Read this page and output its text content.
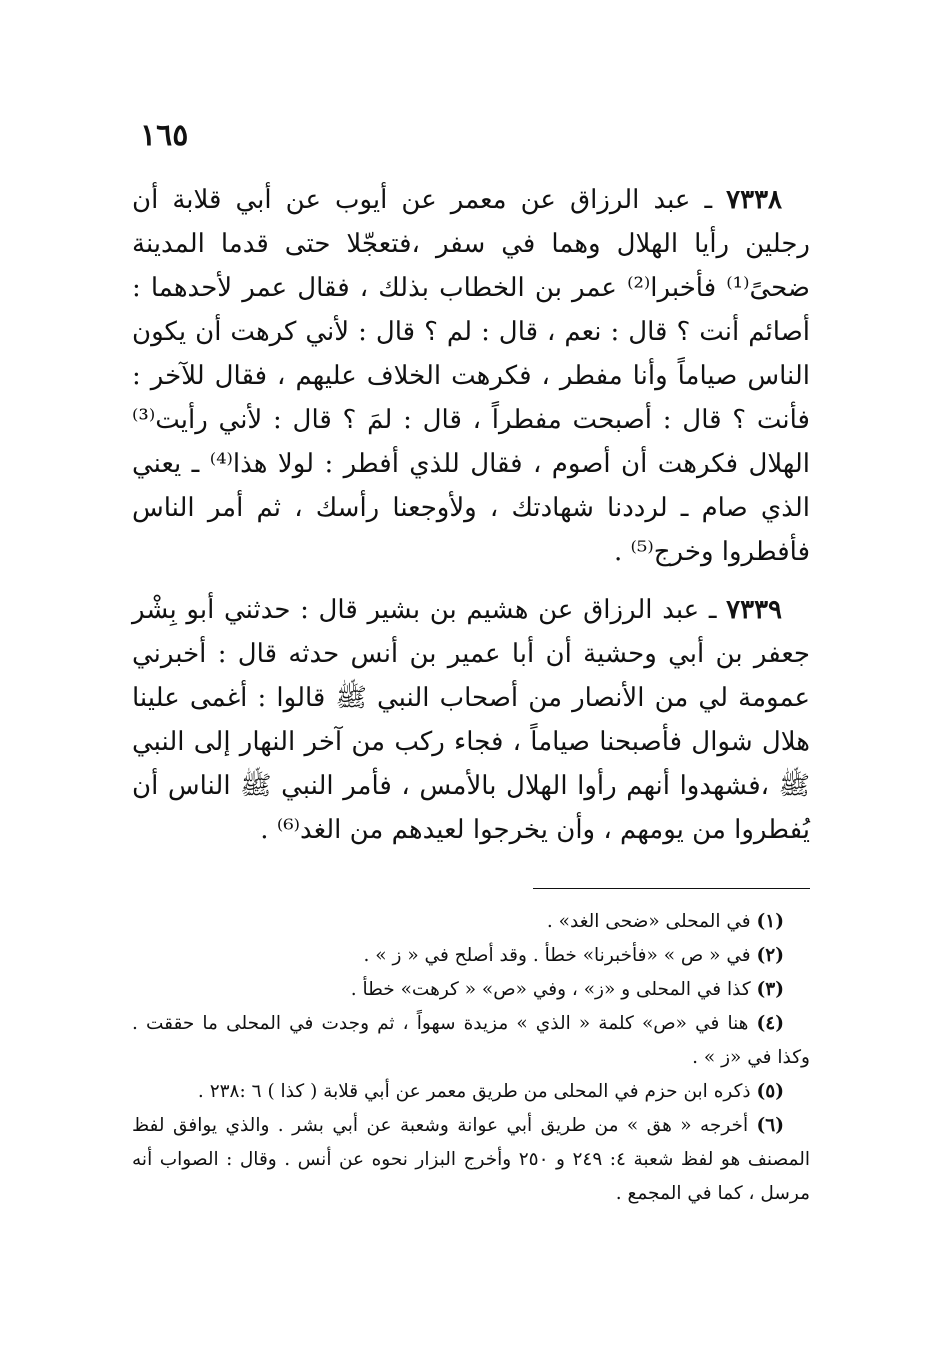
١٦٥

٧٣٣٨ ـ عبد الرزاق عن معمر عن أيوب عن أبي قلابة أن رجلين رأيا الهلال وهما في سفر ،فتعجّلا حتى قدما المدينة ضحىً⁽¹⁾ فأخبرا⁽²⁾ عمر بن الخطاب بذلك ، فقال عمر لأحدهما : أصائم أنت ؟ قال : نعم ، قال : لم ؟ قال : لأني كرهت أن يكون الناس صياماً وأنا مفطر ، فكرهت الخلاف عليهم ، فقال للآخر : فأنت ؟ قال : أصبحت مفطراً ، قال : لمَ ؟ قال : لأني رأيت⁽³⁾ الهلال فكرهت أن أصوم ، فقال للذي أفطر : لولا هذا⁽⁴⁾ ـ يعني الذي صام ـ لرددنا شهادتك ، ولأوجعنا رأسك ، ثم أمر الناس فأفطروا وخرج⁽⁵⁾ .

٧٣٣٩ ـ عبد الرزاق عن هشيم بن بشير قال : حدثني أبو بِشْر جعفر بن أبي وحشية أن أبا عمير بن أنس حدثه قال : أخبرني عمومة لي من الأنصار من أصحاب النبي ﷺ قالوا : أغمى علينا هلال شوال فأصبحنا صياماً ، فجاء ركب من آخر النهار إلى النبي ﷺ ،فشهدوا أنهم رأوا الهلال بالأمس ، فأمر النبي ﷺ الناس أن يُفطروا من يومهم ، وأن يخرجوا لعيدهم من الغد⁽⁶⁾ .

(١) في المحلى «ضحى الغد» .

(٢) في « ص » «فأخبرنا» خطأ . وقد أصلح في « ز » .

(٣) كذا في المحلى و «ز» ، وفي «ص» « كرهت» خطأ .

(٤) هنا في «ص» كلمة « الذي » مزيدة سهواً ، ثم وجدت في المحلى ما حققت . وكذا في «ز » .

(٥) ذكره ابن حزم في المحلى من طريق معمر عن أبي قلابة ( كذا ) ٦ :٢٣٨ .

(٦) أخرجه « هق » من طريق أبي عوانة وشعبة عن أبي بشر . والذي يوافق لفظ المصنف هو لفظ شعبة ٤: ٢٤٩ و ٢٥٠ وأخرج البزار نحوه عن أنس . وقال : الصواب أنه مرسل ، كما في المجمع .
